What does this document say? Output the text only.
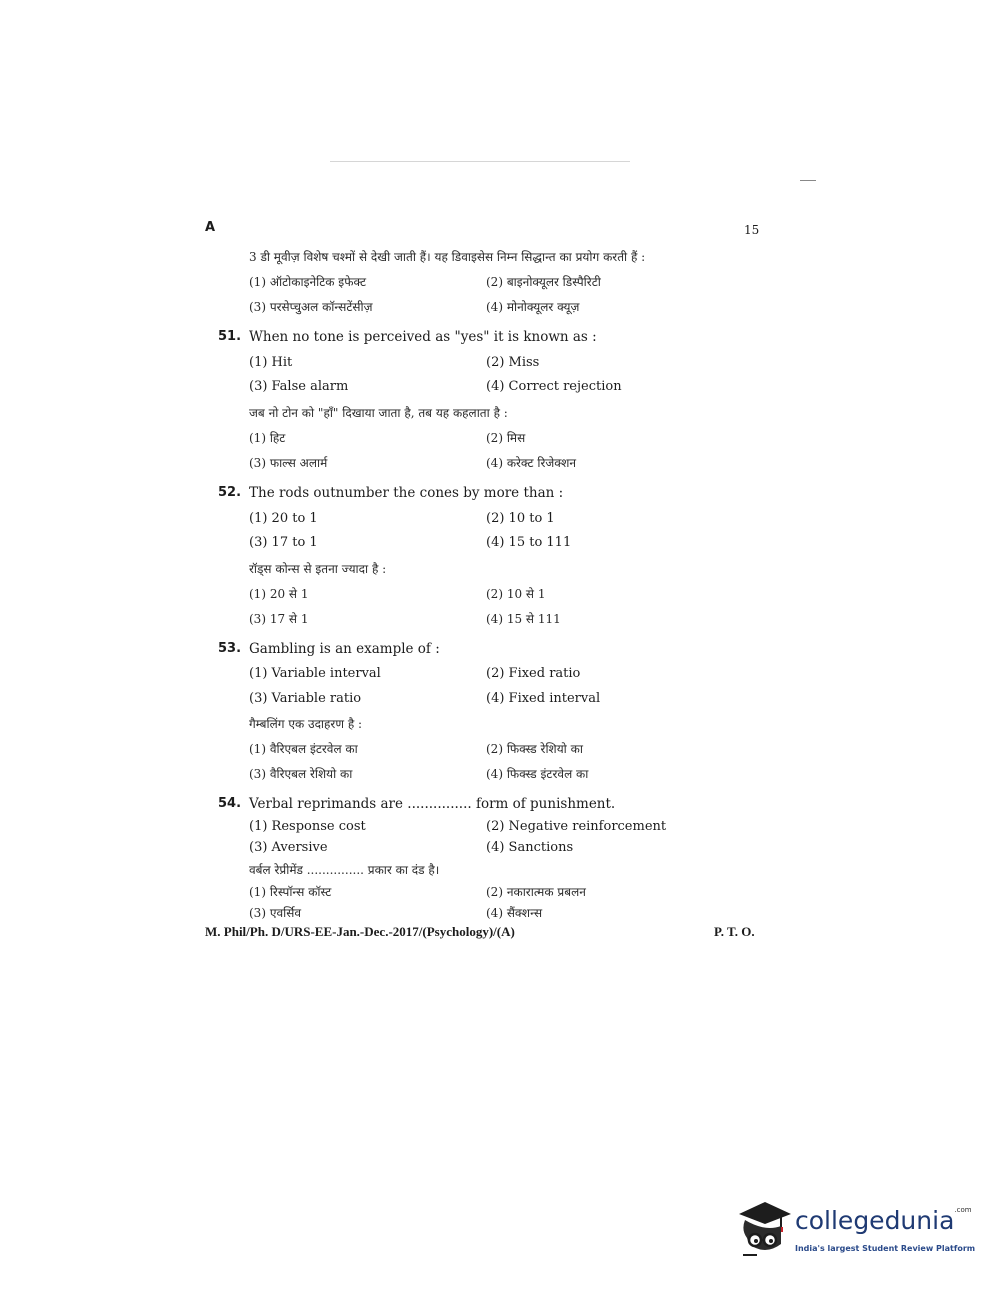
A	15
3 डी मूवीज़ विशेष चश्मों से देखी जाती हैं। यह डिवाइसेस निम्न सिद्धान्त का प्रयोग करती हैं :
(1) ऑटोकाइनेटिक इफेक्ट	(2) बाइनोक्यूलर डिस्पैरिटी
(3) परसेप्चुअल कॉन्सटेंसीज़	(4) मोनोक्यूलर क्यूज़
51. When no tone is perceived as "yes" it is known as :
(1) Hit	(2) Miss
(3) False alarm	(4) Correct rejection
जब नो टोन को "हाँ" दिखाया जाता है, तब यह कहलाता है :
(1) हिट	(2) मिस
(3) फाल्स अलार्म	(4) करेक्ट रिजेक्शन
52. The rods outnumber the cones by more than :
(1) 20 to 1	(2) 10 to 1
(3) 17 to 1	(4) 15 to 111
रॉड्स कोन्स से इतना ज्यादा है :
(1) 20 से 1	(2) 10 से 1
(3) 17 से 1	(4) 15 से 111
53. Gambling is an example of :
(1) Variable interval	(2) Fixed ratio
(3) Variable ratio	(4) Fixed interval
गैम्बलिंग एक उदाहरण है :
(1) वैरिएबल इंटरवेल का	(2) फिक्स्ड रेशियो का
(3) वैरिएबल रेशियो का	(4) फिक्स्ड इंटरवेल का
54. Verbal reprimands are ............... form of punishment.
(1) Response cost	(2) Negative reinforcement
(3) Aversive	(4) Sanctions
वर्बल रेप्रीमेंड ............... प्रकार का दंड है।
(1) रिस्पॉन्स कॉस्ट	(2) नकारात्मक प्रबलन
(3) एवर्सिव	(4) सैंक्शन्स
M. Phil/Ph. D/URS-EE-Jan.-Dec.-2017/(Psychology)/(A)	P. T. O.
collegedunia$^{.com}$
India's largest Student Review Platform
